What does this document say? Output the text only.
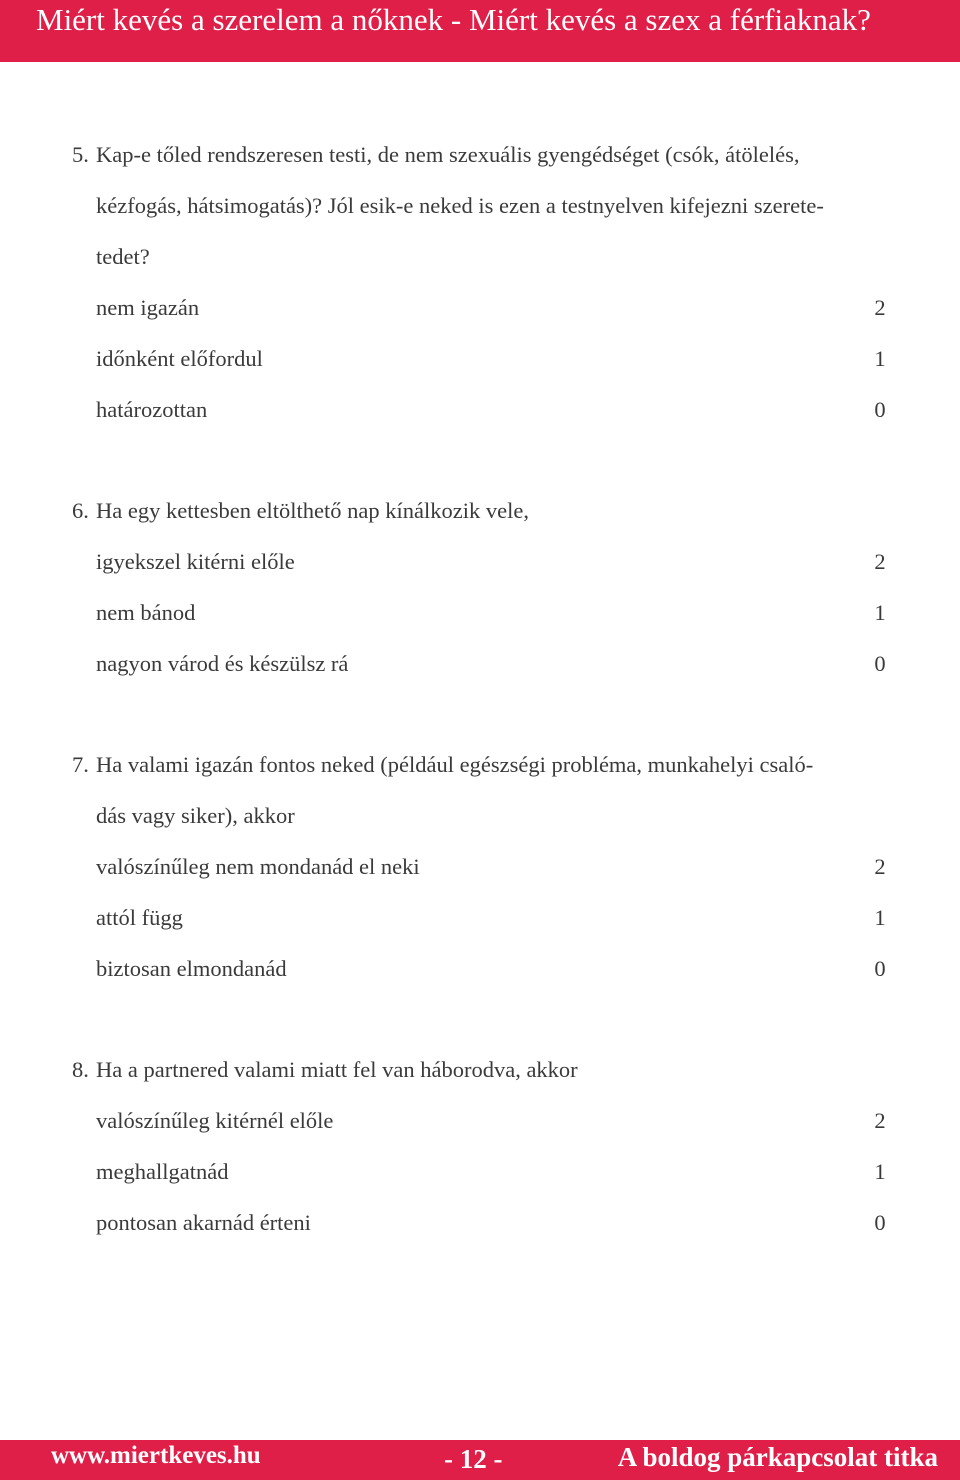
Miért kevés a szerelem a nőknek - Miért kevés a szex a férfiaknak?
5. Kap-e tőled rendszeresen testi, de nem szexuális gyengédséget (csók, átölelés,
kézfogás, hátsimogatás)? Jól esik-e neked is ezen a testnyelven kifejezni szerete-
tedet?
nem igazán	2
időnként előfordul	1
határozottan	0
6. Ha egy kettesben eltölthető nap kínálkozik vele,
igyekszel kitérni előle	2
nem bánod	1
nagyon várod és készülsz rá	0
7. Ha valami igazán fontos neked (például egészségi probléma, munkahelyi csaló-
dás vagy siker), akkor
valószínűleg nem mondanád el neki	2
attól függ	1
biztosan elmondanád	0
8. Ha a partnered valami miatt fel van háborodva, akkor
valószínűleg kitérnél előle	2
meghallgatnád	1
pontosan akarnád érteni	0
www.miertkeves.hu	- 12 -	A boldog párkapcsolat titka
